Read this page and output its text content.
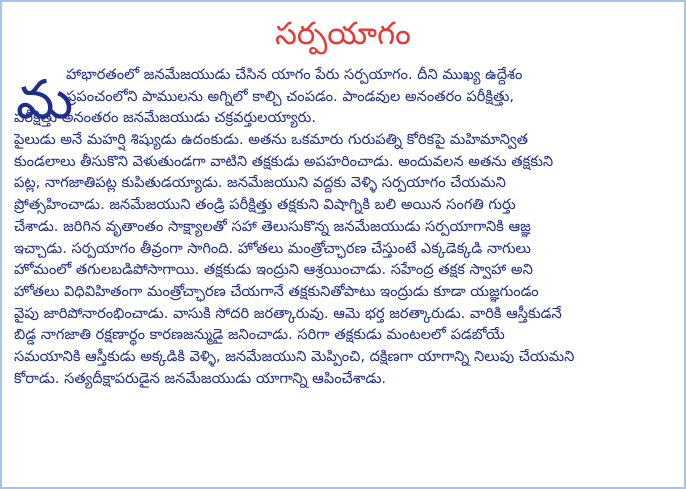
సర్పయాగం
మ
హాభారతంలో జనమేజయుడు చేసిన యాగం పేరు సర్పయాగం. దీని ముఖ్య ఉద్దేశం
ప్రపంచంలోని పాములను అగ్నిలో కాల్చి చంపడం. పాండవుల అనంతరం పరీక్షిత్తు,
పరీక్షిత్తు అనంతరం జనమేజయుడు చక్రవర్తులయ్యారు.
పైలుడు అనే మహర్షి శిష్యుడు ఉదంకుడు. అతను ఒకమారు గురుపత్ని కోరికపై మహిమాన్విత
కుండలాలు తీసుకొని వెళుతుండగా వాటిని తక్షకుడు అపహరించాడు. అందువలన అతను తక్షకుని
పట్ల, నాగజాతిపట్ల కుపితుడయ్యాడు. జనమేజయుని వద్దకు వెళ్ళి సర్పయాగం చేయమని
ప్రోత్సహించాడు. జనమేజయుని తండ్రి పరీక్షిత్తు తక్షకుని విషాగ్నికి బలి అయిన సంగతి గుర్తు
చేశాడు. జరిగిన వృతాంతం సాక్ష్యాలతో సహా తెలుసుకొన్న జనమేజయుడు సర్పయాగానికి ఆజ్ఞ
ఇచ్చాడు. సర్పయాగం తీవ్రంగా సాగింది. హోతలు మంత్రోచ్ఛారణ చేస్తుంటే ఎక్కడెక్కడి నాగులు
హోమంలో తగులబడిపోసాగాయి. తక్షకుడు ఇంద్రుని ఆశ్రయించాడు. సహేంద్ర తక్షక స్వాహా అని
హోతలు విధివిహితంగా మంత్రోచ్ఛారణ చేయగానే తక్షకునితోపాటు ఇంద్రుడు కూడా యజ్ఞగుండం
వైపు జారిపోనారంభించాడు. వాసుకి సోదరి జరత్కారువు. ఆమె భర్త జరత్కారుడు. వారికి ఆస్తీకుడనే
బిడ్డ నాగజాతి రక్షణార్థం కారణజన్ముడై జనించాడు. సరిగా తక్షకుడు మంటలలో పడబోయే
సమయానికి ఆస్తీకుడు అక్కడికి వెళ్ళి, జనమేజయుని మెప్పించి, దక్షిణగా యాగాన్ని నిలుపు చేయమని
కోరాడు. సత్యదీక్షాపరుడైన జనమేజయుడు యాగాన్ని ఆపించేశాడు.
